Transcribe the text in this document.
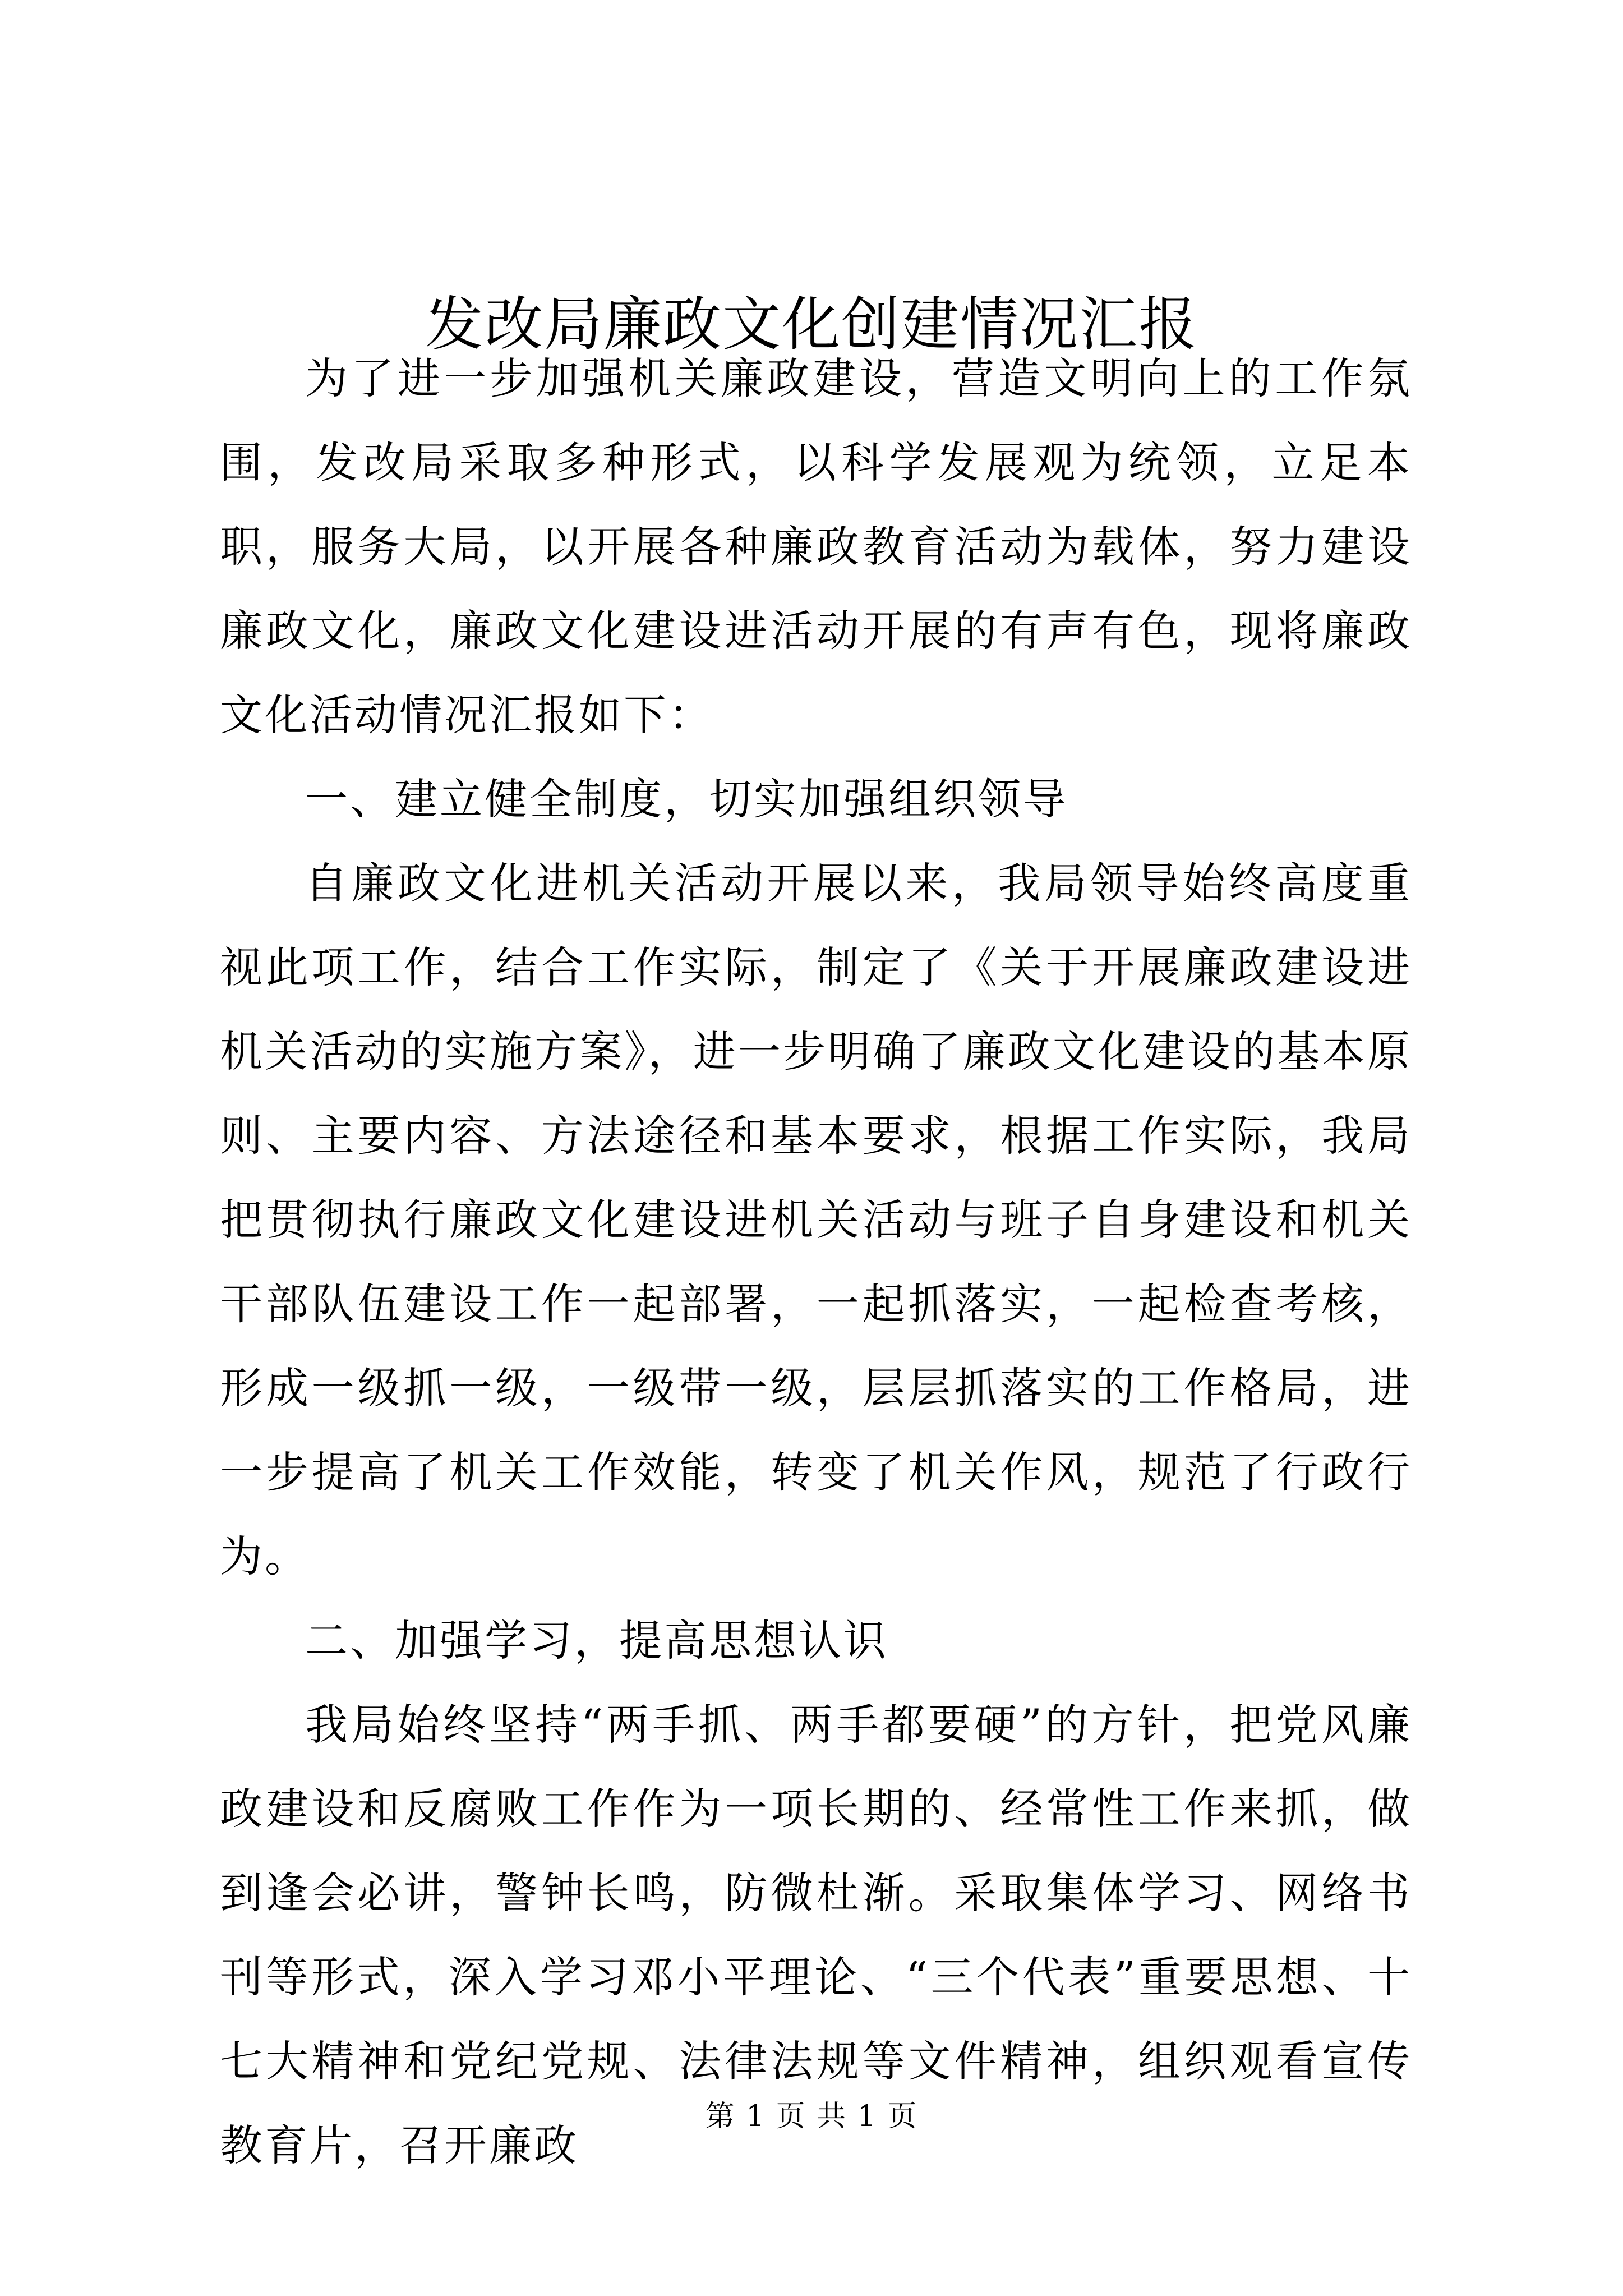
发改局廉政文化创建情况汇报

为了进一步加强机关廉政建设，营造文明向上的工作氛围，发改局采取多种形式，以科学发展观为统领，立足本职，服务大局，以开展各种廉政教育活动为载体，努力建设廉政文化，廉政文化建设进活动开展的有声有色，现将廉政文化活动情况汇报如下：

一、建立健全制度，切实加强组织领导

自廉政文化进机关活动开展以来，我局领导始终高度重视此项工作，结合工作实际，制定了《关于开展廉政建设进机关活动的实施方案》，进一步明确了廉政文化建设的基本原则、主要内容、方法途径和基本要求，根据工作实际，我局把贯彻执行廉政文化建设进机关活动与班子自身建设和机关干部队伍建设工作一起部署，一起抓落实，一起检查考核，形成一级抓一级，一级带一级，层层抓落实的工作格局，进一步提高了机关工作效能，转变了机关作风，规范了行政行为。

二、加强学习，提高思想认识

我局始终坚持“两手抓、两手都要硬”的方针，把党风廉政建设和反腐败工作作为一项长期的、经常性工作来抓，做到逢会必讲，警钟长鸣，防微杜渐。采取集体学习、网络书刊等形式，深入学习邓小平理论、“三个代表”重要思想、十七大精神和党纪党规、法律法规等文件精神，组织观看宣传教育片，召开廉政

第 1 页 共 1 页
